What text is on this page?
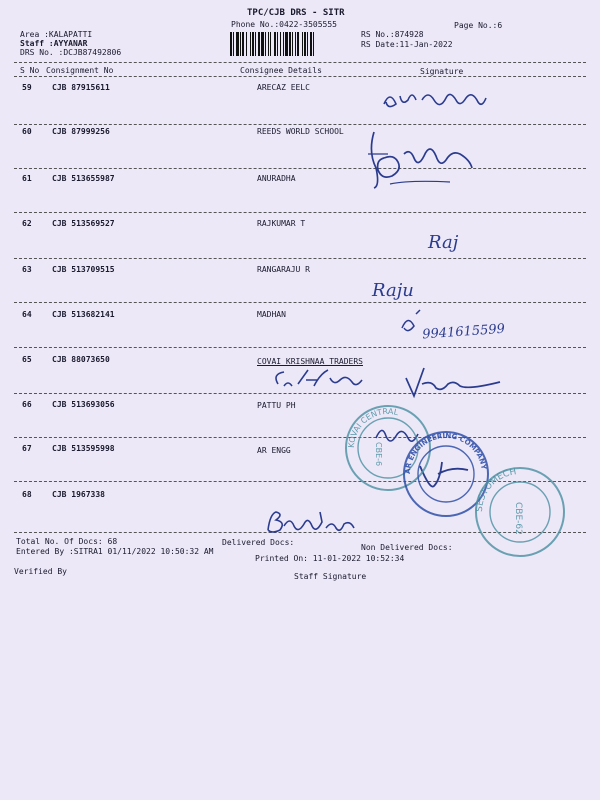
TPC/CJB DRS - SITR
Phone No.:0422-3505555	Page No.:6
Area :KALAPATTI
Staff :AYYANAR
DRS No. :DCJB87492806
RS No.:874928
RS Date:11-Jan-2022
S No Consignment No	Consignee Details	Signature
59	CJB 87915611	ARECAZ EELC
60	CJB 87999256	REEDS WORLD SCHOOL
61	CJB 513655987	ANURADHA
62	CJB 513569527	RAJKUMAR T
63	CJB 513709515	RANGARAJU R
64	CJB 513682141	MADHAN
65	CJB 88073650	COVAI KRISHNAA TRADERS
66	CJB 513693056	PATTU PH
67	CJB 513595998	AR ENGG
68	CJB 1967338
Raj
Raju
9941615599
KOVAI CENTRAL
CBE-6
AR ENGINEERING COMPANY
SESTOMECH
CBE-62
Total No. Of Docs: 68	Delivered Docs:
Non Delivered Docs:
Entered By :SITRA1 01/11/2022 10:50:32 AM
Printed On: 11-01-2022 10:52:34
Verified By
Staff Signature
